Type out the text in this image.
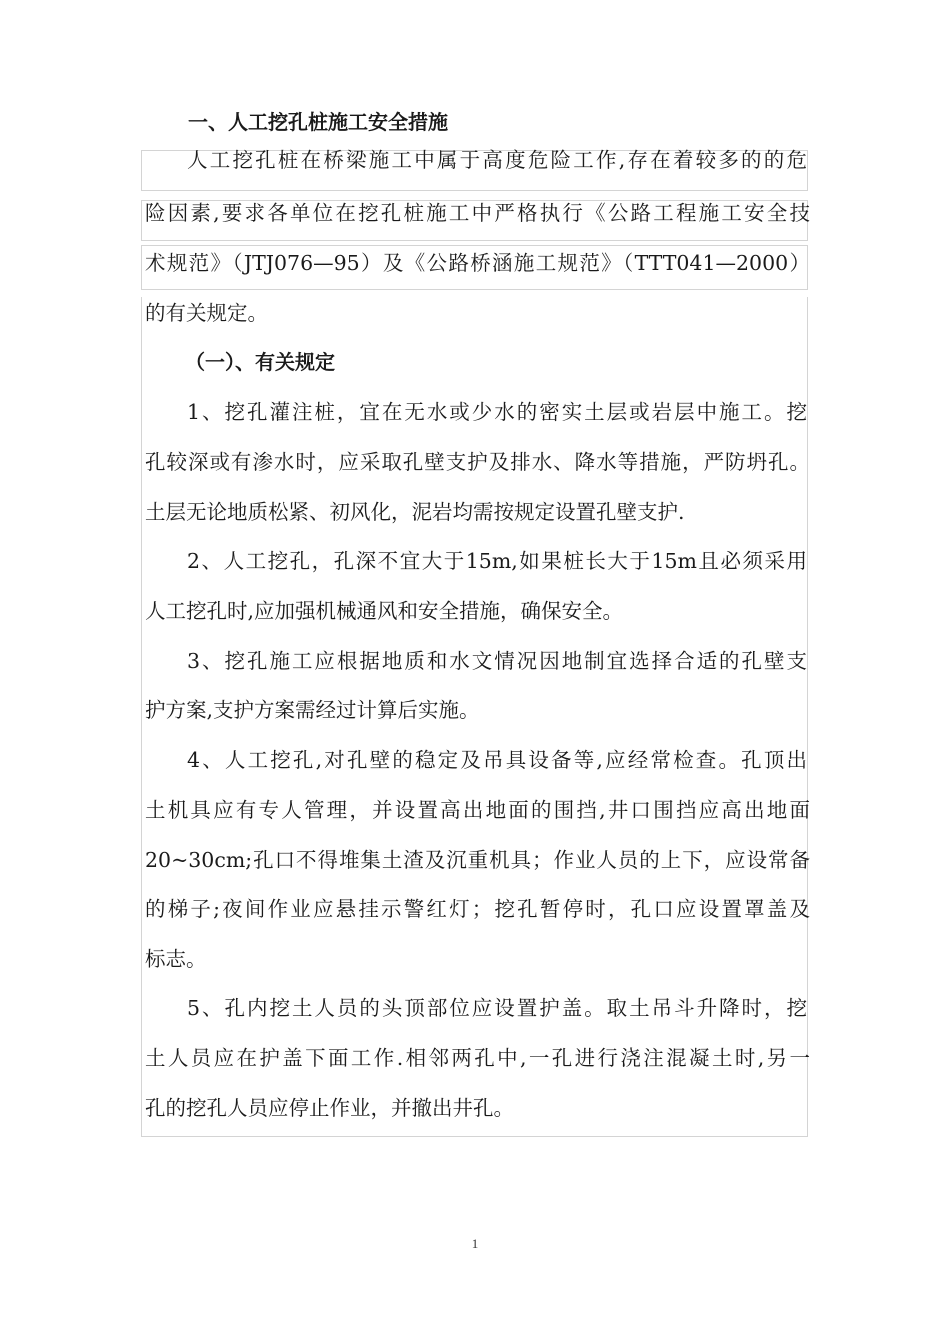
一、人工挖孔桩施工安全措施
人工挖孔桩在桥梁施工中属于高度危险工作,存在着较多的的危
险因素,要求各单位在挖孔桩施工中严格执行《公路工程施工安全技
术规范》（JTJ076—95）及《公路桥涵施工规范》（TTT041—2000）
的有关规定。
（一）、有关规定
1、挖孔灌注桩，宜在无水或少水的密实土层或岩层中施工。挖
孔较深或有渗水时，应采取孔壁支护及排水、降水等措施，严防坍孔。
土层无论地质松紧、初风化，泥岩均需按规定设置孔壁支护.
2、人工挖孔，孔深不宜大于15m,如果桩长大于15m且必须采用
人工挖孔时,应加强机械通风和安全措施，确保安全。
3、挖孔施工应根据地质和水文情况因地制宜选择合适的孔壁支
护方案,支护方案需经过计算后实施。
4、人工挖孔,对孔壁的稳定及吊具设备等,应经常检查。孔顶出
土机具应有专人管理，并设置高出地面的围挡,井口围挡应高出地面
20~30cm;孔口不得堆集土渣及沉重机具；作业人员的上下，应设常备
的梯子;夜间作业应悬挂示警红灯；挖孔暂停时，孔口应设置罩盖及
标志。
5、孔内挖土人员的头顶部位应设置护盖。取土吊斗升降时，挖
土人员应在护盖下面工作.相邻两孔中,一孔进行浇注混凝土时,另一
孔的挖孔人员应停止作业，并撤出井孔。
1
